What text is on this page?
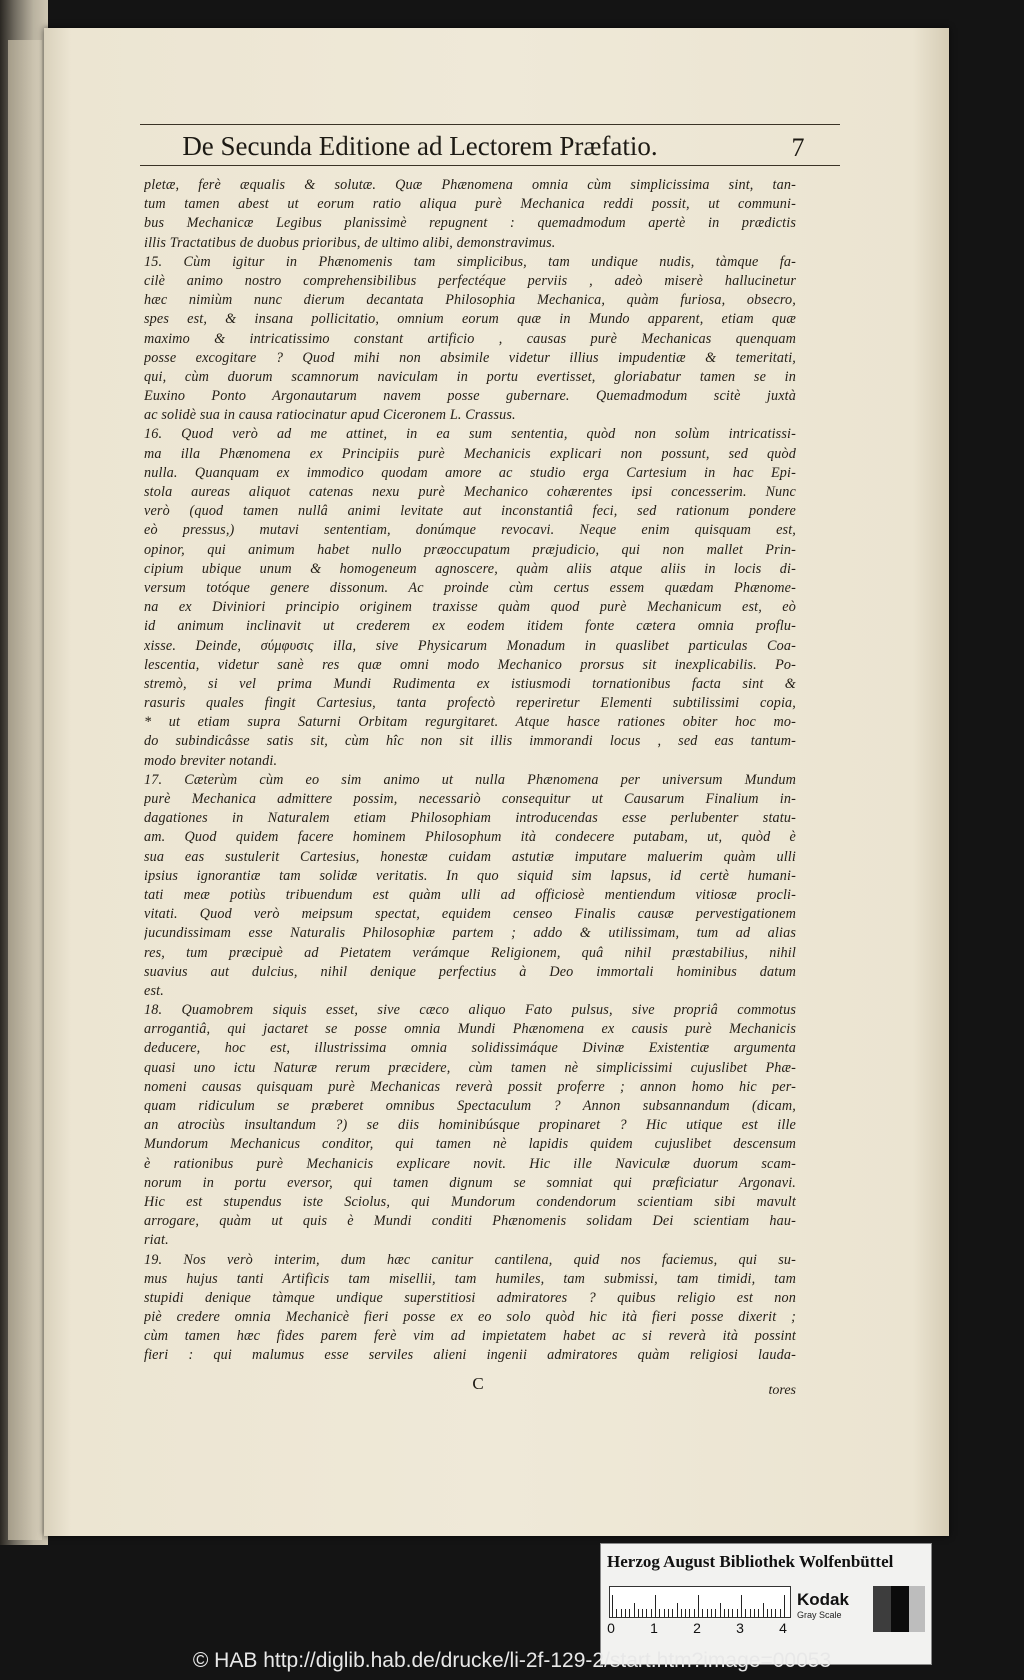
De Secunda Editione ad Lectorem Præfatio.	7
pletæ, ferè æqualis & solutæ. Quæ Phænomena omnia cùm simplicissima sint, tan-
tum tamen abest ut eorum ratio aliqua purè Mechanica reddi possit, ut communi-
bus Mechanicæ Legibus planissimè repugnent : quemadmodum apertè in prædictis
illis Tractatibus de duobus prioribus, de ultimo alibi, demonstravimus.
15. Cùm igitur in Phænomenis tam simplicibus, tam undique nudis, tàmque fa-
cilè animo nostro comprehensibilibus perfectéque perviis , adeò miserè hallucinetur
hæc nimiùm nunc dierum decantata Philosophia Mechanica, quàm furiosa, obsecro,
spes est, & insana pollicitatio, omnium eorum quæ in Mundo apparent, etiam quæ
maximo & intricatissimo constant artificio , causas purè Mechanicas quenquam
posse excogitare ? Quod mihi non absimile videtur illius impudentiæ & temeritati,
qui, cùm duorum scamnorum naviculam in portu evertisset, gloriabatur tamen se in
Euxino Ponto Argonautarum navem posse gubernare. Quemadmodum scitè juxtà
ac solidè sua in causa ratiocinatur apud Ciceronem L. Crassus.
16. Quod verò ad me attinet, in ea sum sententia, quòd non solùm intricatissi-
ma illa Phænomena ex Principiis purè Mechanicis explicari non possunt, sed quòd
nulla. Quanquam ex immodico quodam amore ac studio erga Cartesium in hac Epi-
stola aureas aliquot catenas nexu purè Mechanico cohærentes ipsi concesserim. Nunc
verò (quod tamen nullâ animi levitate aut inconstantiâ feci, sed rationum pondere
eò pressus,) mutavi sententiam, donúmque revocavi. Neque enim quisquam est,
opinor, qui animum habet nullo præoccupatum præjudicio, qui non mallet Prin-
cipium ubique unum & homogeneum agnoscere, quàm aliis atque aliis in locis di-
versum totóque genere dissonum. Ac proinde cùm certus essem quædam Phænome-
na ex Diviniori principio originem traxisse quàm quod purè Mechanicum est, eò
id animum inclinavit ut crederem ex eodem itidem fonte cætera omnia proflu-
xisse. Deinde, σύμφυσις illa, sive Physicarum Monadum in quaslibet particulas Coa-
lescentia, videtur sanè res quæ omni modo Mechanico prorsus sit inexplicabilis. Po-
stremò, si vel prima Mundi Rudimenta ex istiusmodi tornationibus facta sint &
rasuris quales fingit Cartesius, tanta profectò reperiretur Elementi subtilissimi copia,
* ut etiam supra Saturni Orbitam regurgitaret. Atque hasce rationes obiter hoc mo-
do subindicâsse satis sit, cùm hîc non sit illis immorandi locus , sed eas tantum-
modo breviter notandi.
17. Cæterùm cùm eo sim animo ut nulla Phænomena per universum Mundum
purè Mechanica admittere possim, necessariò consequitur ut Causarum Finalium in-
dagationes in Naturalem etiam Philosophiam introducendas esse perlubenter statu-
am. Quod quidem facere hominem Philosophum ità condecere putabam, ut, quòd è
sua eas sustulerit Cartesius, honestæ cuidam astutiæ imputare maluerim quàm ulli
ipsius ignorantiæ tam solidæ veritatis. In quo siquid sim lapsus, id certè humani-
tati meæ potiùs tribuendum est quàm ulli ad officiosè mentiendum vitiosæ procli-
vitati. Quod verò meipsum spectat, equidem censeo Finalis causæ pervestigationem
jucundissimam esse Naturalis Philosophiæ partem ; addo & utilissimam, tum ad alias
res, tum præcipuè ad Pietatem verámque Religionem, quâ nihil præstabilius, nihil
suavius aut dulcius, nihil denique perfectius à Deo immortali hominibus datum
est.
18. Quamobrem siquis esset, sive cæco aliquo Fato pulsus, sive propriâ commotus
arrogantiâ, qui jactaret se posse omnia Mundi Phænomena ex causis purè Mechanicis
deducere, hoc est, illustrissima omnia solidissimáque Divinæ Existentiæ argumenta
quasi uno ictu Naturæ rerum præcidere, cùm tamen nè simplicissimi cujuslibet Phæ-
nomeni causas quisquam purè Mechanicas reverà possit proferre ; annon homo hic per-
quam ridiculum se præberet omnibus Spectaculum ? Annon subsannandum (dicam,
an atrociùs insultandum ?) se diis hominibúsque propinaret ? Hic utique est ille
Mundorum Mechanicus conditor, qui tamen nè lapidis quidem cujuslibet descensum
è rationibus purè Mechanicis explicare novit. Hic ille Naviculæ duorum scam-
norum in portu eversor, qui tamen dignum se somniat qui præficiatur Argonavi.
Hic est stupendus iste Sciolus, qui Mundorum condendorum scientiam sibi mavult
arrogare, quàm ut quis è Mundi conditi Phænomenis solidam Dei scientiam hau-
riat.
19. Nos verò interim, dum hæc canitur cantilena, quid nos faciemus, qui su-
mus hujus tanti Artificis tam misellii, tam humiles, tam submissi, tam timidi, tam
stupidi denique tàmque undique superstitiosi admiratores ? quibus religio est non
piè credere omnia Mechanicè fieri posse ex eo solo quòd hic ità fieri posse dixerit ;
cùm tamen hæc fides parem ferè vim ad impietatem habet ac si reverà ità possint
fieri : qui malumus esse serviles alieni ingenii admiratores quàm religiosi lauda-
C	tores
Herzog August Bibliothek Wolfenbüttel
0	1	2	3	4
Kodak
Gray Scale
© HAB http://diglib.hab.de/drucke/li-2f-129-2/start.htm?image=00053
